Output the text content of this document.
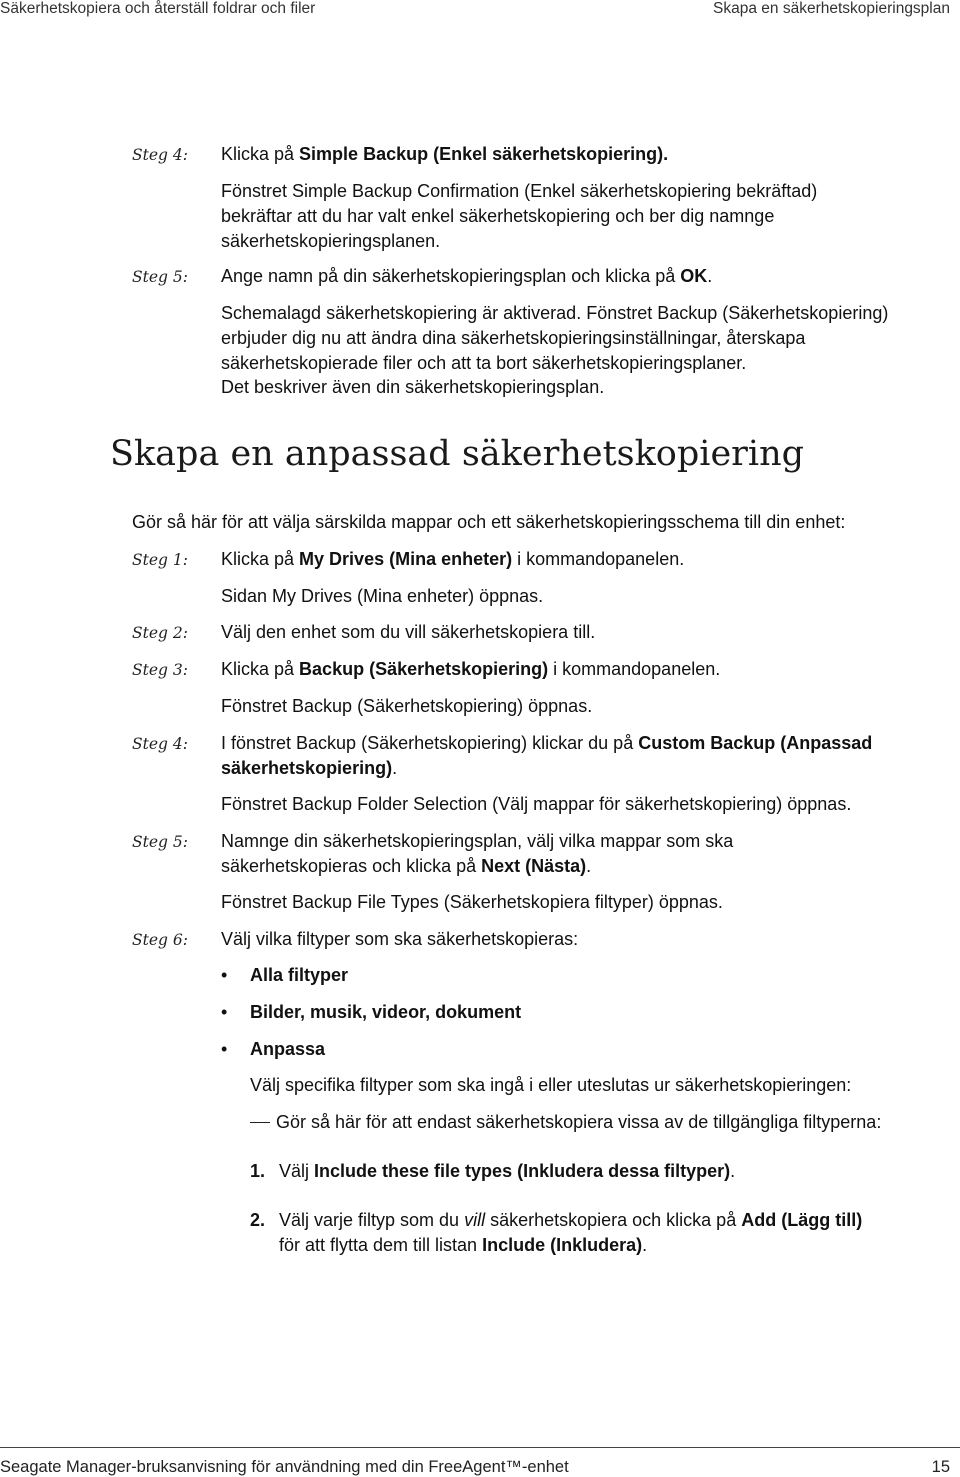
Säkerhetskopiera och återställ foldrar och filer	Skapa en säkerhetskopieringsplan
Steg 4: Klicka på Simple Backup (Enkel säkerhetskopiering).
Fönstret Simple Backup Confirmation (Enkel säkerhetskopiering bekräftad)
bekräftar att du har valt enkel säkerhetskopiering och ber dig namnge
säkerhetskopieringsplanen.
Steg 5: Ange namn på din säkerhetskopieringsplan och klicka på OK.
Schemalagd säkerhetskopiering är aktiverad. Fönstret Backup (Säkerhetskopiering)
erbjuder dig nu att ändra dina säkerhetskopieringsinställningar, återskapa
säkerhetskopierade filer och att ta bort säkerhetskopieringsplaner.
Det beskriver även din säkerhetskopieringsplan.
Skapa en anpassad säkerhetskopiering
Gör så här för att välja särskilda mappar och ett säkerhetskopieringsschema till din enhet:
Steg 1: Klicka på My Drives (Mina enheter) i kommandopanelen.
Sidan My Drives (Mina enheter) öppnas.
Steg 2: Välj den enhet som du vill säkerhetskopiera till.
Steg 3: Klicka på Backup (Säkerhetskopiering) i kommandopanelen.
Fönstret Backup (Säkerhetskopiering) öppnas.
Steg 4: I fönstret Backup (Säkerhetskopiering) klickar du på Custom Backup (Anpassad
säkerhetskopiering).
Fönstret Backup Folder Selection (Välj mappar för säkerhetskopiering) öppnas.
Steg 5: Namnge din säkerhetskopieringsplan, välj vilka mappar som ska
säkerhetskopieras och klicka på Next (Nästa).
Fönstret Backup File Types (Säkerhetskopiera filtyper) öppnas.
Steg 6: Välj vilka filtyper som ska säkerhetskopieras:
• Alla filtyper
• Bilder, musik, videor, dokument
• Anpassa
Välj specifika filtyper som ska ingå i eller uteslutas ur säkerhetskopieringen:
Gör så här för att endast säkerhetskopiera vissa av de tillgängliga filtyperna:
1. Välj Include these file types (Inkludera dessa filtyper).
2. Välj varje filtyp som du vill säkerhetskopiera och klicka på Add (Lägg till)
för att flytta dem till listan Include (Inkludera).
Seagate Manager-bruksanvisning för användning med din FreeAgent™-enhet	15
